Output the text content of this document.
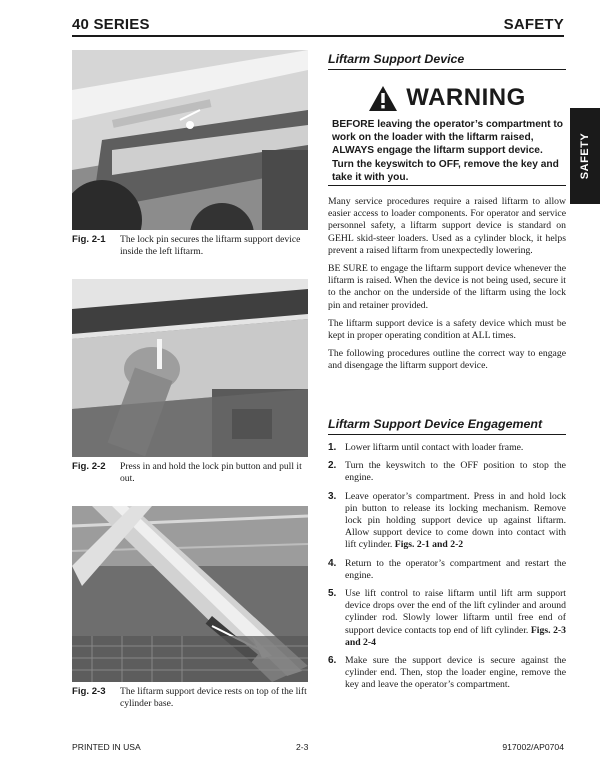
40 SERIES	SAFETY
SAFETY
Fig. 2-1	The lock pin secures the liftarm support device inside the left liftarm.
Fig. 2-2	Press in and hold the lock pin button and pull it out.
Fig. 2-3	The liftarm support device rests on top of the lift cylinder base.
Liftarm Support Device
WARNING
BEFORE leaving the operator’s compartment to work on the loader with the liftarm raised, ALWAYS engage the liftarm support device. Turn the keyswitch to OFF, remove the key and take it with you.

Many service procedures require a raised liftarm to allow easier access to loader components. For operator and service personnel safety, a liftarm support device is standard on GEHL skid-steer loaders. Used as a cylinder block, it helps prevent a raised liftarm from unexpectedly lowering.

BE SURE to engage the liftarm support device whenever the liftarm is raised. When the device is not being used, secure it to the anchor on the underside of the liftarm using the lock pin and retainer provided.

The liftarm support device is a safety device which must be kept in proper operating condition at ALL times.

The following procedures outline the correct way to engage and disengage the liftarm support device.

Liftarm Support Device Engagement
1. Lower liftarm until contact with loader frame.
2. Turn the keyswitch to the OFF position to stop the engine.
3. Leave operator’s compartment. Press in and hold lock pin button to release its locking mechanism. Remove lock pin holding support device up against liftarm. Allow support device to come down into contact with lift cylinder. Figs. 2-1 and 2-2
4. Return to the operator’s compartment and restart the engine.
5. Use lift control to raise liftarm until lift arm support device drops over the end of the lift cylinder and around cylinder rod. Slowly lower liftarm until free end of support device contacts top end of lift cylinder. Figs. 2-3 and 2-4
6. Make sure the support device is secure against the cylinder end. Then, stop the loader engine, remove the key and leave the operator’s compartment.
PRINTED IN USA	2-3	917002/AP0704
